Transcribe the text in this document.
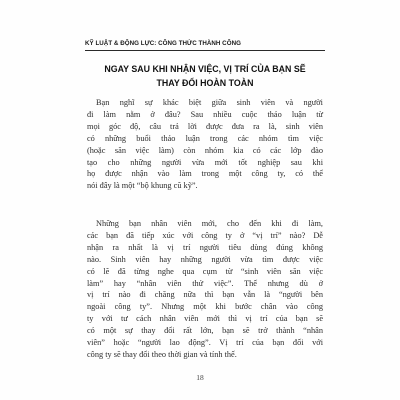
KỸ LUẬT & ĐỘNG LỰC: CÔNG THỨC THÀNH CÔNG
NGAY SAU KHI NHẬN VIỆC, VỊ TRÍ CỦA BẠN SẼ
THAY ĐỔI HOÀN TOÀN
Bạn nghĩ sự khác biệt giữa sinh viên và người
đi làm nằm ở đâu? Sau nhiều cuộc thảo luận từ
mọi góc độ, câu trả lời được đưa ra là, sinh viên
có những buổi thảo luận trong các nhóm tìm việc
(hoặc săn việc làm) còn nhóm kia có các lớp đào
tạo cho những người vừa mới tốt nghiệp sau khi
họ được nhận vào làm trong một công ty, có thể
nói đây là một “bộ khung cũ kỹ”.
Những bạn nhân viên mới, cho đến khi đi làm,
các bạn đã tiếp xúc với công ty ở “vị trí” nào? Dễ
nhận ra nhất là vị trí người tiêu dùng đúng không
nào. Sinh viên hay những người vừa tìm được việc
có lẽ đã từng nghe qua cụm từ “sinh viên săn việc
làm” hay “nhân viên thử việc”. Thế nhưng dù ở
vị trí nào đi chăng nữa thì bạn vẫn là “người bên
ngoài công ty”. Nhưng một khi bước chân vào công
ty với tư cách nhân viên mới thì vị trí của bạn sẽ
có một sự thay đổi rất lớn, bạn sẽ trở thành “nhân
viên” hoặc “người lao động”. Vị trí của bạn đối với
công ty sẽ thay đổi theo thời gian và tính thế.
18
